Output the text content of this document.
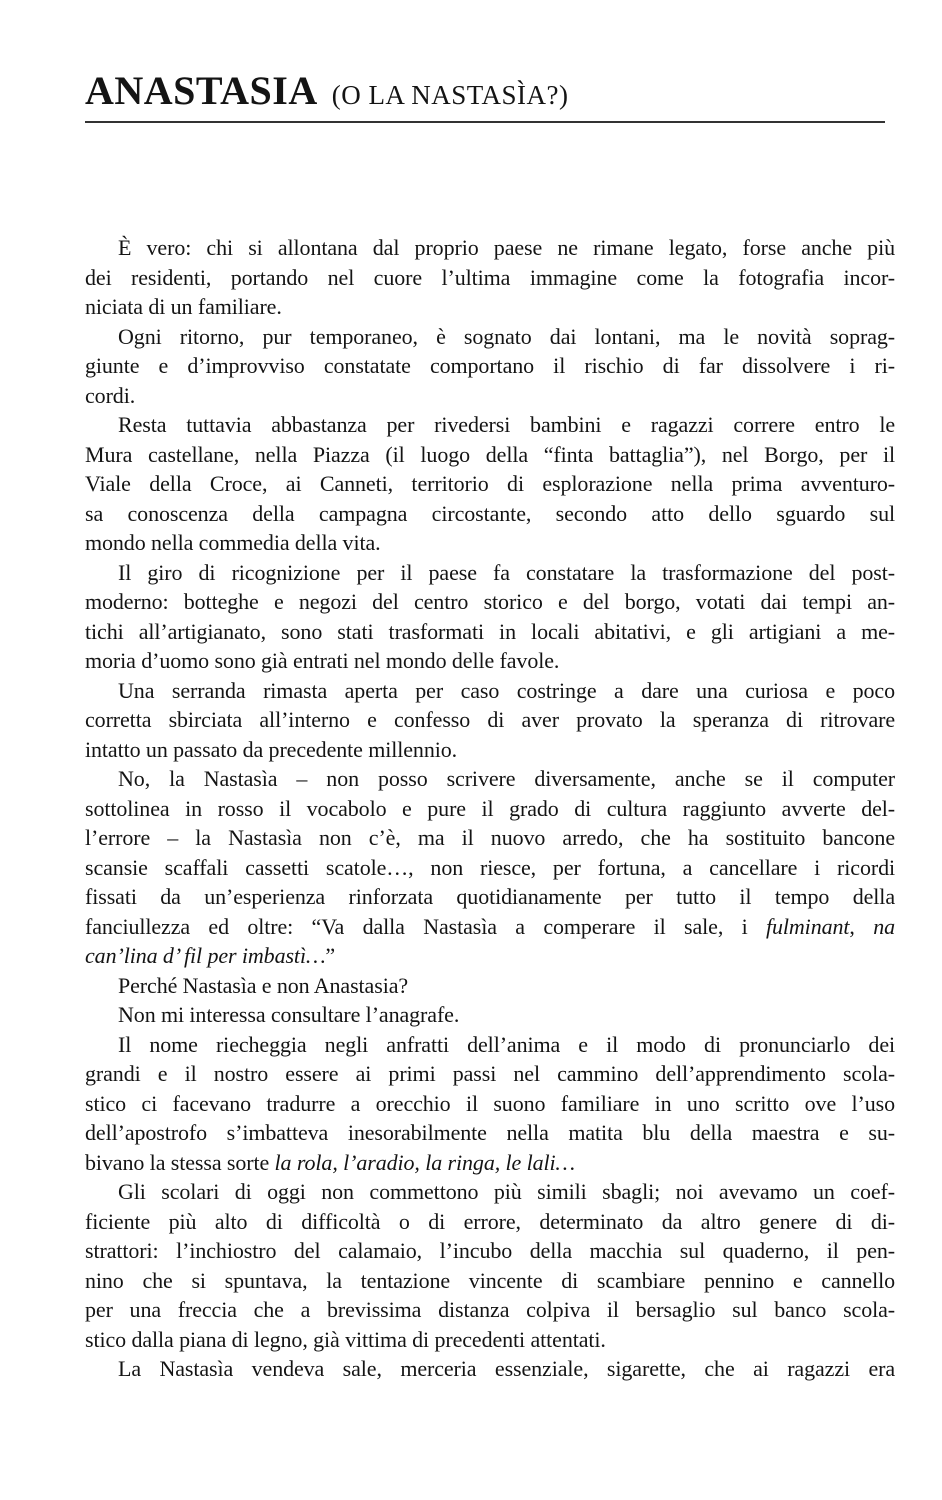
ANASTASIA (O LA NASTASÌA?)

È vero: chi si allontana dal proprio paese ne rimane legato, forse anche più
dei residenti, portando nel cuore l’ultima immagine come la fotografia incor-
niciata di un familiare.

Ogni ritorno, pur temporaneo, è sognato dai lontani, ma le novità soprag-
giunte e d’improvviso constatate comportano il rischio di far dissolvere i ri-
cordi.

Resta tuttavia abbastanza per rivedersi bambini e ragazzi correre entro le
Mura castellane, nella Piazza (il luogo della “finta battaglia”), nel Borgo, per il
Viale della Croce, ai Canneti, territorio di esplorazione nella prima avventuro-
sa conoscenza della campagna circostante, secondo atto dello sguardo sul
mondo nella commedia della vita.

Il giro di ricognizione per il paese fa constatare la trasformazione del post-
moderno: botteghe e negozi del centro storico e del borgo, votati dai tempi an-
tichi all’artigianato, sono stati trasformati in locali abitativi, e gli artigiani a me-
moria d’uomo sono già entrati nel mondo delle favole.

Una serranda rimasta aperta per caso costringe a dare una curiosa e poco
corretta sbirciata all’interno e confesso di aver provato la speranza di ritrovare
intatto un passato da precedente millennio.

No, la Nastasìa – non posso scrivere diversamente, anche se il computer
sottolinea in rosso il vocabolo e pure il grado di cultura raggiunto avverte del-
l’errore – la Nastasìa non c’è, ma il nuovo arredo, che ha sostituito bancone
scansie scaffali cassetti scatole…, non riesce, per fortuna, a cancellare i ricordi
fissati da un’esperienza rinforzata quotidianamente per tutto il tempo della
fanciullezza ed oltre: “Va dalla Nastasìa a comperare il sale, i fulminant, na
can’lina d’ fil per imbastì…”

Perché Nastasìa e non Anastasia?

Non mi interessa consultare l’anagrafe.

Il nome riecheggia negli anfratti dell’anima e il modo di pronunciarlo dei
grandi e il nostro essere ai primi passi nel cammino dell’apprendimento scola-
stico ci facevano tradurre a orecchio il suono familiare in uno scritto ove l’uso
dell’apostrofo s’imbatteva inesorabilmente nella matita blu della maestra e su-
bivano la stessa sorte la rola, l’aradio, la ringa, le lali…

Gli scolari di oggi non commettono più simili sbagli; noi avevamo un coef-
ficiente più alto di difficoltà o di errore, determinato da altro genere di di-
strattori: l’inchiostro del calamaio, l’incubo della macchia sul quaderno, il pen-
nino che si spuntava, la tentazione vincente di scambiare pennino e cannello
per una freccia che a brevissima distanza colpiva il bersaglio sul banco scola-
stico dalla piana di legno, già vittima di precedenti attentati.

La Nastasìa vendeva sale, merceria essenziale, sigarette, che ai ragazzi era
